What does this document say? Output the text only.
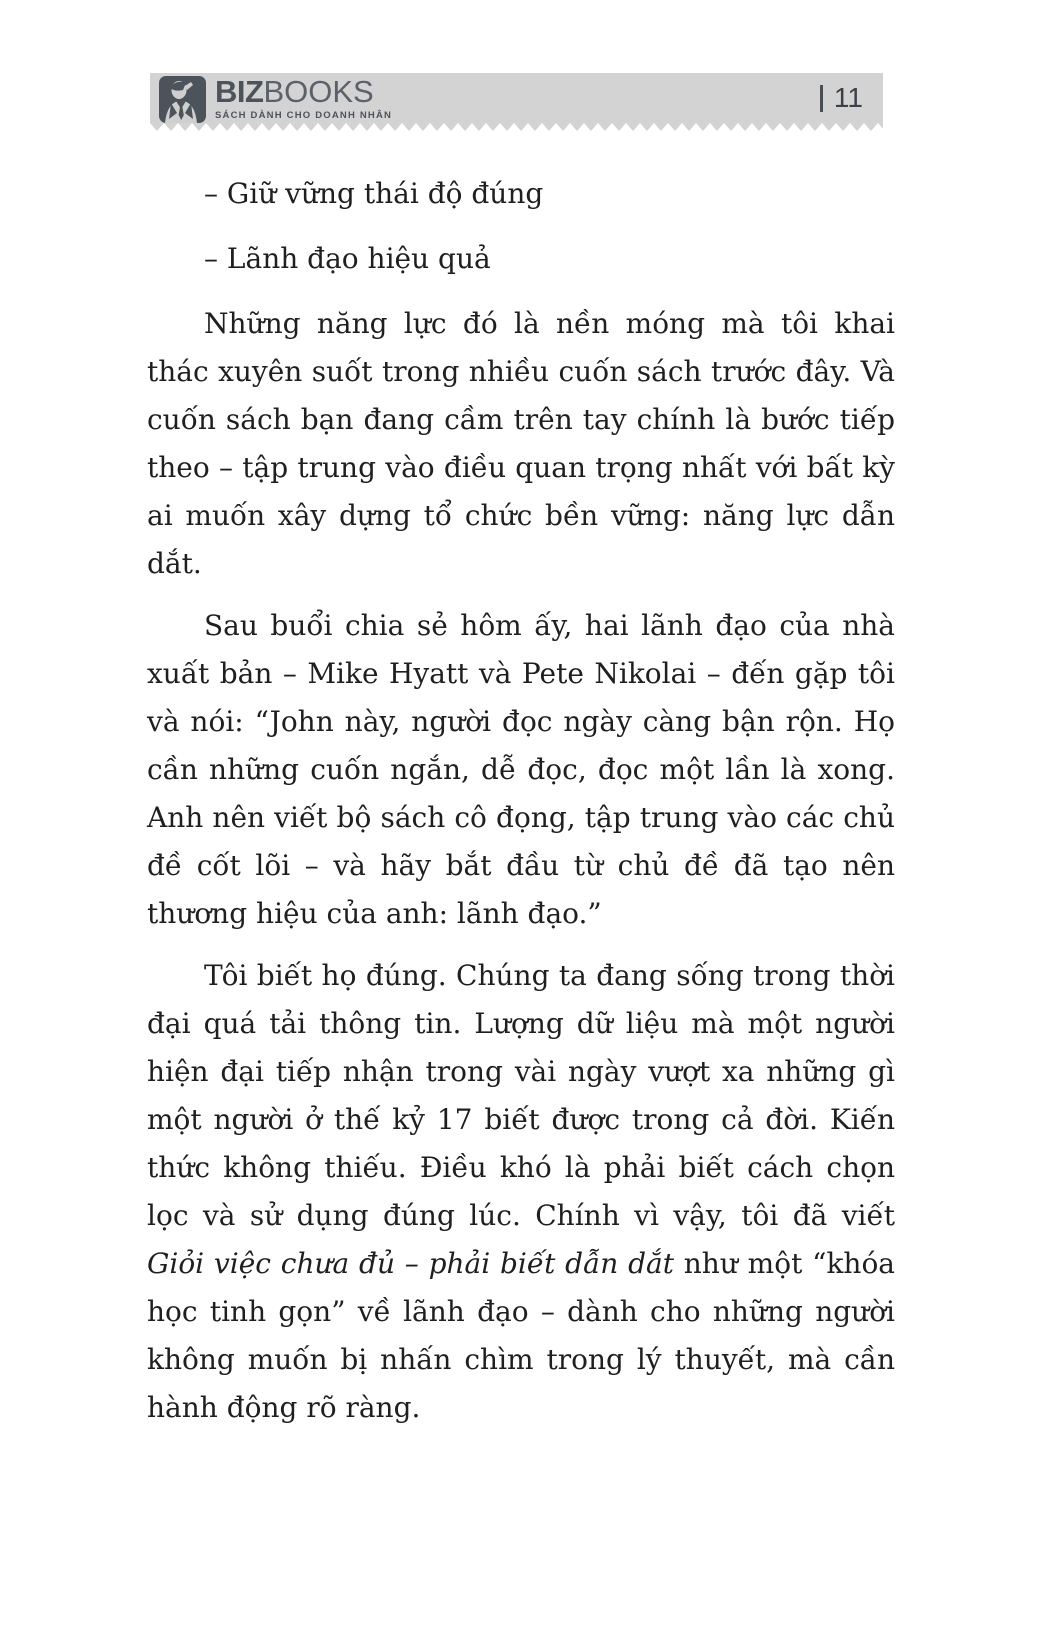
BIZBOOKS
SÁCH DÀNH CHO DOANH NHÂN
11

– Giữ vững thái độ đúng

– Lãnh đạo hiệu quả

Những năng lực đó là nền móng mà tôi khai thác xuyên suốt trong nhiều cuốn sách trước đây. Và cuốn sách bạn đang cầm trên tay chính là bước tiếp theo – tập trung vào điều quan trọng nhất với bất kỳ ai muốn xây dựng tổ chức bền vững: năng lực dẫn dắt.

Sau buổi chia sẻ hôm ấy, hai lãnh đạo của nhà xuất bản – Mike Hyatt và Pete Nikolai – đến gặp tôi và nói: “John này, người đọc ngày càng bận rộn. Họ cần những cuốn ngắn, dễ đọc, đọc một lần là xong. Anh nên viết bộ sách cô đọng, tập trung vào các chủ đề cốt lõi – và hãy bắt đầu từ chủ đề đã tạo nên thương hiệu của anh: lãnh đạo.”

Tôi biết họ đúng. Chúng ta đang sống trong thời đại quá tải thông tin. Lượng dữ liệu mà một người hiện đại tiếp nhận trong vài ngày vượt xa những gì một người ở thế kỷ 17 biết được trong cả đời. Kiến thức không thiếu. Điều khó là phải biết cách chọn lọc và sử dụng đúng lúc. Chính vì vậy, tôi đã viết Giỏi việc chưa đủ – phải biết dẫn dắt như một “khóa học tinh gọn” về lãnh đạo – dành cho những người không muốn bị nhấn chìm trong lý thuyết, mà cần hành động rõ ràng.
